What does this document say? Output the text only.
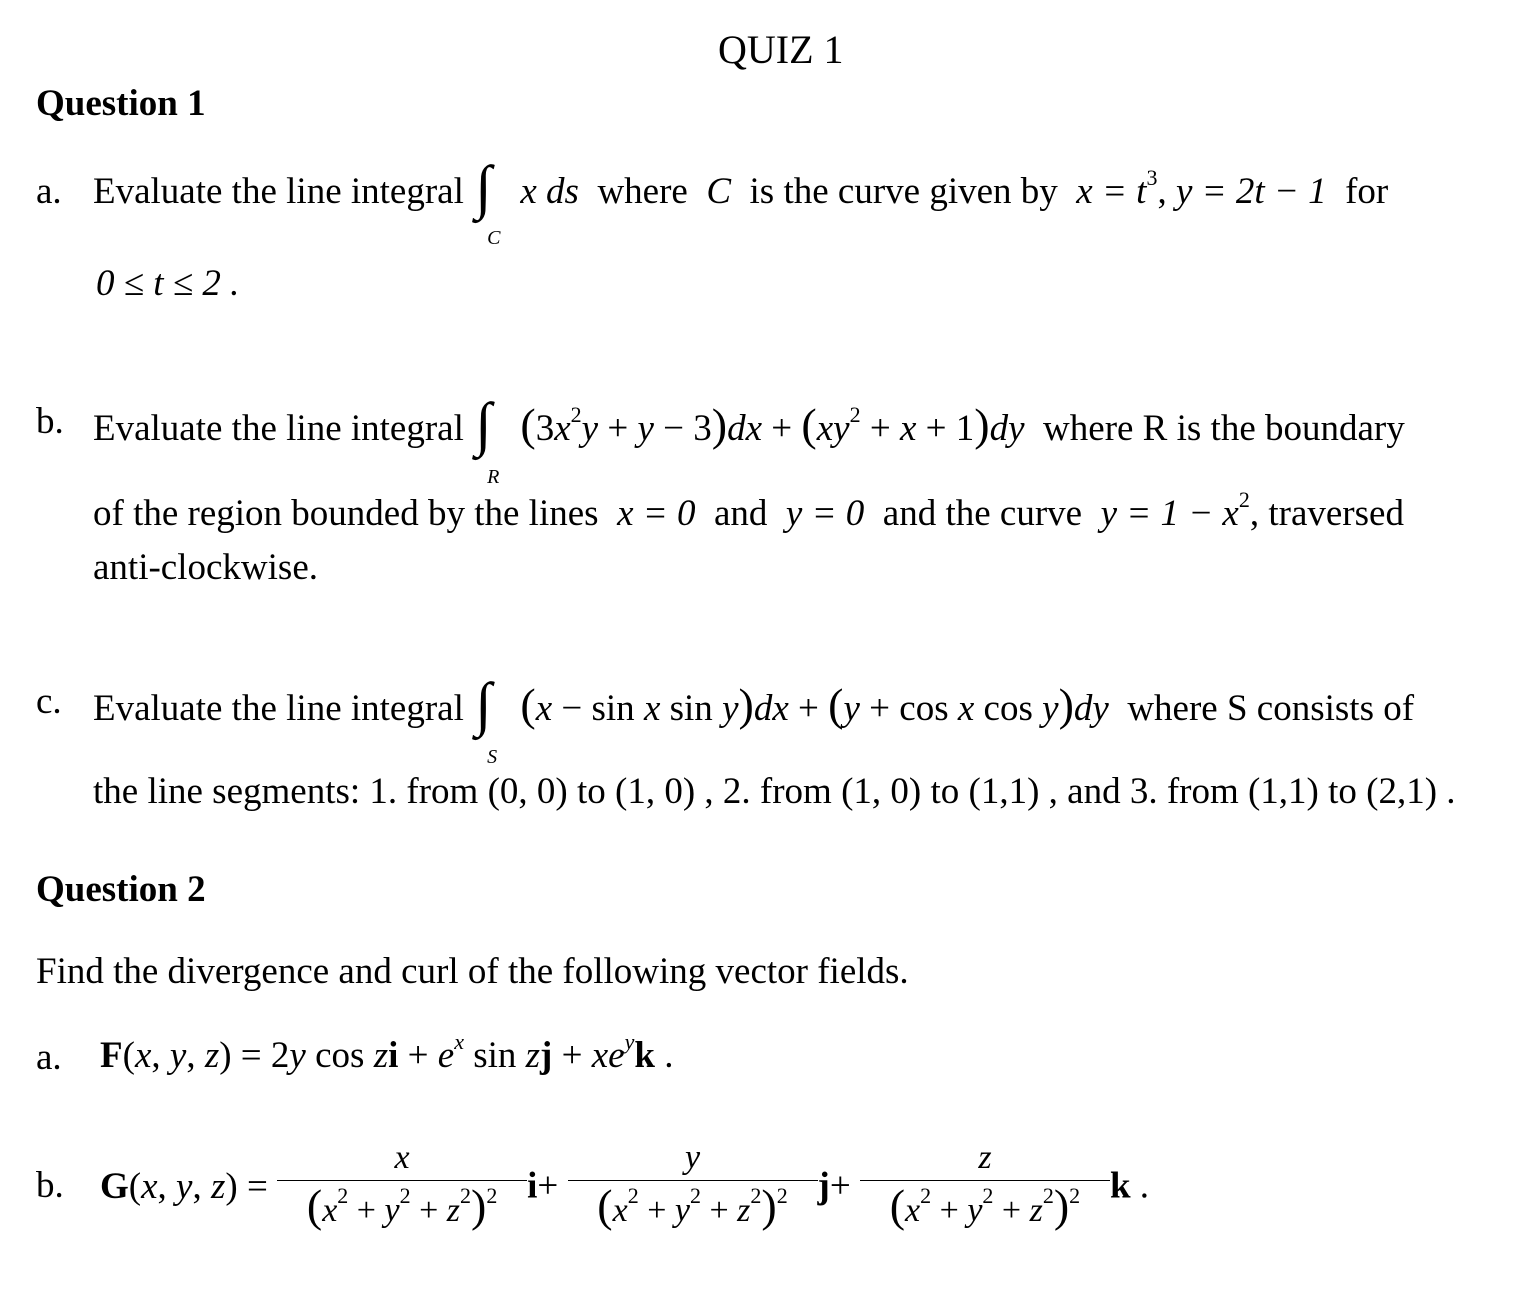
QUIZ 1
Question 1
a. Evaluate the line integral ∫
C
x ds where C is the curve given by $x = t^3$, y = 2t − 1 for
0 ≤ t ≤ 2 .
b. Evaluate the line integral ∫
R
$(3x^2y + y - 3)dx + (xy^2 + x + 1)dy$ where R is the boundary
of the region bounded by the lines x = 0 and y = 0 and the curve $y = 1 - x^2$, traversed
anti-clockwise.
c. Evaluate the line integral ∫
S
(x − sin x sin y)dx + (y + cos x cos y)dy where S consists of
the line segments: 1. from (0, 0) to (1, 0) , 2. from (1, 0) to (1,1) , and 3. from (1,1) to (2,1) .
Question 2
Find the divergence and curl of the following vector fields.
a. F(x, y, z) = 2y cos zi + $e^x$ sin zj + $xe^yk$ .
b. G(x, y, $z) = \frac{x}{(x^2 + y^2 + z^2)^2} i+ \frac{y}{(x^2 + y^2 + z^2)^2} j+ \frac{z}{(x^2 + y^2 + z^2)^2}$ k .
